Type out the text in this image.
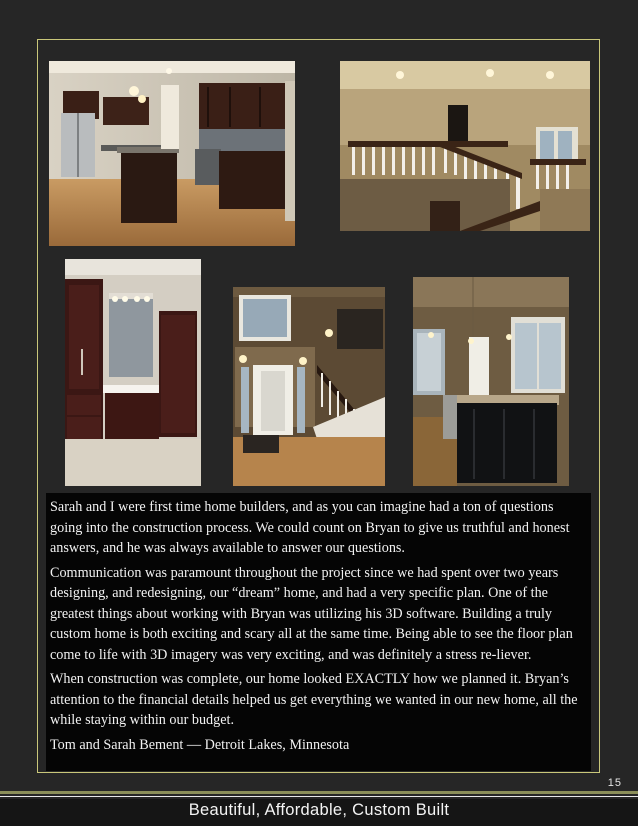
Sarah and I were first time home builders, and as you can imagine had a ton of questions going into the construction process. We could count on Bryan to give us truthful and honest answers, and he was always available to answer our questions.

Communication was paramount throughout the project since we had spent over two years designing, and redesigning, our “dream” home, and had a very specific plan. One of the greatest things about working with Bryan was utilizing his 3D software. Building a truly custom home is both exciting and scary all at the same time. Being able to see the floor plan come to life with 3D imagery was very exciting, and was definitely a stress re-liever.

When construction was complete, our home looked EXACTLY how we planned it. Bryan’s attention to the financial details helped us get everything we wanted in our new home, all the while staying within our budget.

Tom and Sarah Bement — Detroit Lakes, Minnesota

15
Beautiful, Affordable, Custom Built
